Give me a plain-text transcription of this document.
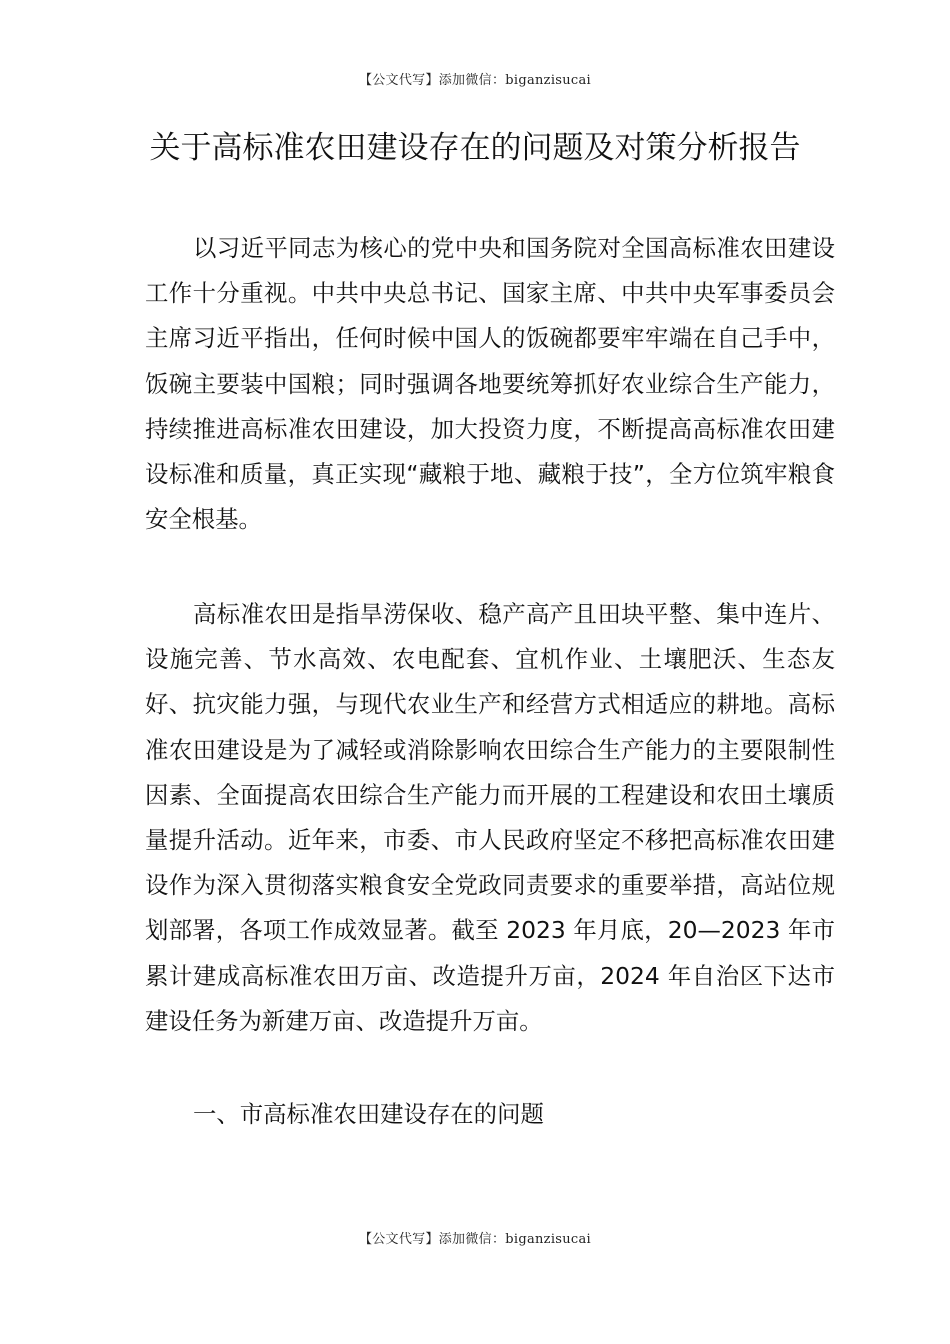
【公文代写】添加微信：biganzisucai
关于高标准农田建设存在的问题及对策分析报告

以习近平同志为核心的党中央和国务院对全国高标准农田建设工作十分重视。中共中央总书记、国家主席、中共中央军事委员会主席习近平指出，任何时候中国人的饭碗都要牢牢端在自己手中，饭碗主要装中国粮；同时强调各地要统筹抓好农业综合生产能力，持续推进高标准农田建设，加大投资力度，不断提高高标准农田建设标准和质量，真正实现“藏粮于地、藏粮于技”，全方位筑牢粮食安全根基。

高标准农田是指旱涝保收、稳产高产且田块平整、集中连片、设施完善、节水高效、农电配套、宜机作业、土壤肥沃、生态友好、抗灾能力强，与现代农业生产和经营方式相适应的耕地。高标准农田建设是为了减轻或消除影响农田综合生产能力的主要限制性因素、全面提高农田综合生产能力而开展的工程建设和农田土壤质量提升活动。近年来，市委、市人民政府坚定不移把高标准农田建设作为深入贯彻落实粮食安全党政同责要求的重要举措，高站位规划部署，各项工作成效显著。截至 2023 年月底，20—2023 年市累计建成高标准农田万亩、改造提升万亩，2024 年自治区下达市建设任务为新建万亩、改造提升万亩。

一、市高标准农田建设存在的问题
【公文代写】添加微信：biganzisucai
